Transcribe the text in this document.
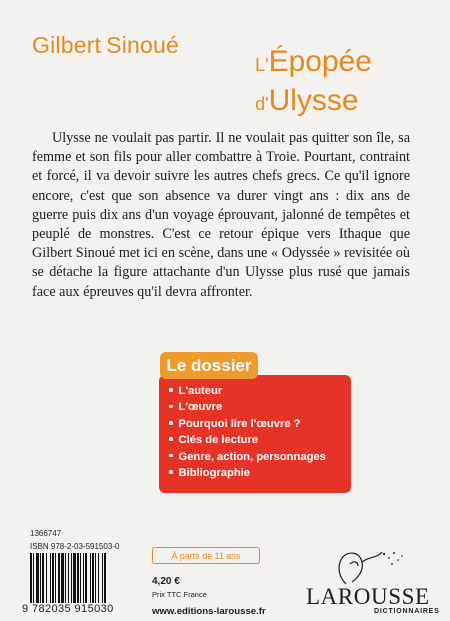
Gilbert Sinoué
L'Épopée
d'Ulysse

Ulysse ne voulait pas partir. Il ne voulait pas quitter son île, sa femme et son fils pour aller combattre à Troie. Pourtant, contraint et forcé, il va devoir suivre les autres chefs grecs. Ce qu'il ignore encore, c'est que son absence va durer vingt ans : dix ans de guerre puis dix ans d'un voyage éprouvant, jalonné de tempêtes et peuplé de monstres. C'est ce retour épique vers Ithaque que Gilbert Sinoué met ici en scène, dans une « Odyssée » revisitée où se détache la figure attachante d'un Ulysse plus rusé que jamais face aux épreuves qu'il devra affronter.

Le dossier
L'auteur
L'œuvre
Pourquoi lire l'œuvre ?
Clés de lecture
Genre, action, personnages
Bibliographie
1366747
ISBN 978-2-03-591503-0
9 782035 915030
À partir de 11 ans
4,20 €
Prix TTC France
www.editions-larousse.fr
LAROUSSE
DICTIONNAIRES
